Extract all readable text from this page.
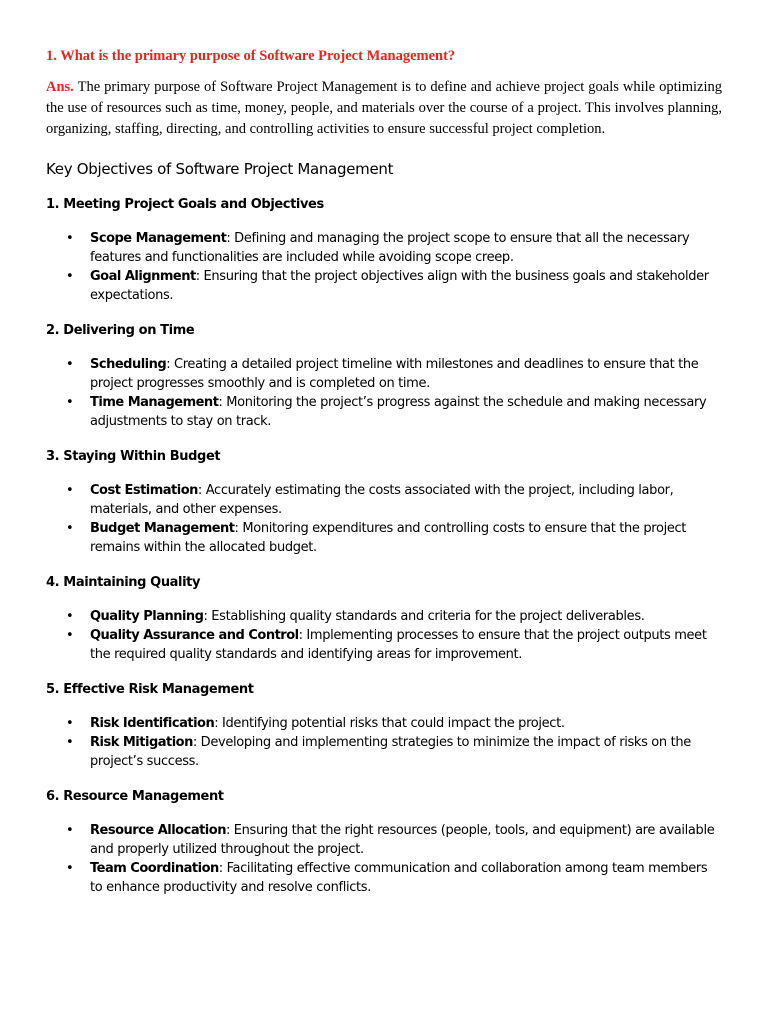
1. What is the primary purpose of Software Project Management?

Ans. The primary purpose of Software Project Management is to define and achieve project goals while optimizing the use of resources such as time, money, people, and materials over the course of a project. This involves planning, organizing, staffing, directing, and controlling activities to ensure successful project completion.

Key Objectives of Software Project Management
1. Meeting Project Goals and Objectives
• Scope Management: Defining and managing the project scope to ensure that all the necessary features and functionalities are included while avoiding scope creep.
• Goal Alignment: Ensuring that the project objectives align with the business goals and stakeholder expectations.
2. Delivering on Time
• Scheduling: Creating a detailed project timeline with milestones and deadlines to ensure that the project progresses smoothly and is completed on time.
• Time Management: Monitoring the project’s progress against the schedule and making necessary adjustments to stay on track.
3. Staying Within Budget
• Cost Estimation: Accurately estimating the costs associated with the project, including labor, materials, and other expenses.
• Budget Management: Monitoring expenditures and controlling costs to ensure that the project remains within the allocated budget.
4. Maintaining Quality
• Quality Planning: Establishing quality standards and criteria for the project deliverables.
• Quality Assurance and Control: Implementing processes to ensure that the project outputs meet the required quality standards and identifying areas for improvement.
5. Effective Risk Management
• Risk Identification: Identifying potential risks that could impact the project.
• Risk Mitigation: Developing and implementing strategies to minimize the impact of risks on the project’s success.
6. Resource Management
• Resource Allocation: Ensuring that the right resources (people, tools, and equipment) are available and properly utilized throughout the project.
• Team Coordination: Facilitating effective communication and collaboration among team members to enhance productivity and resolve conflicts.
